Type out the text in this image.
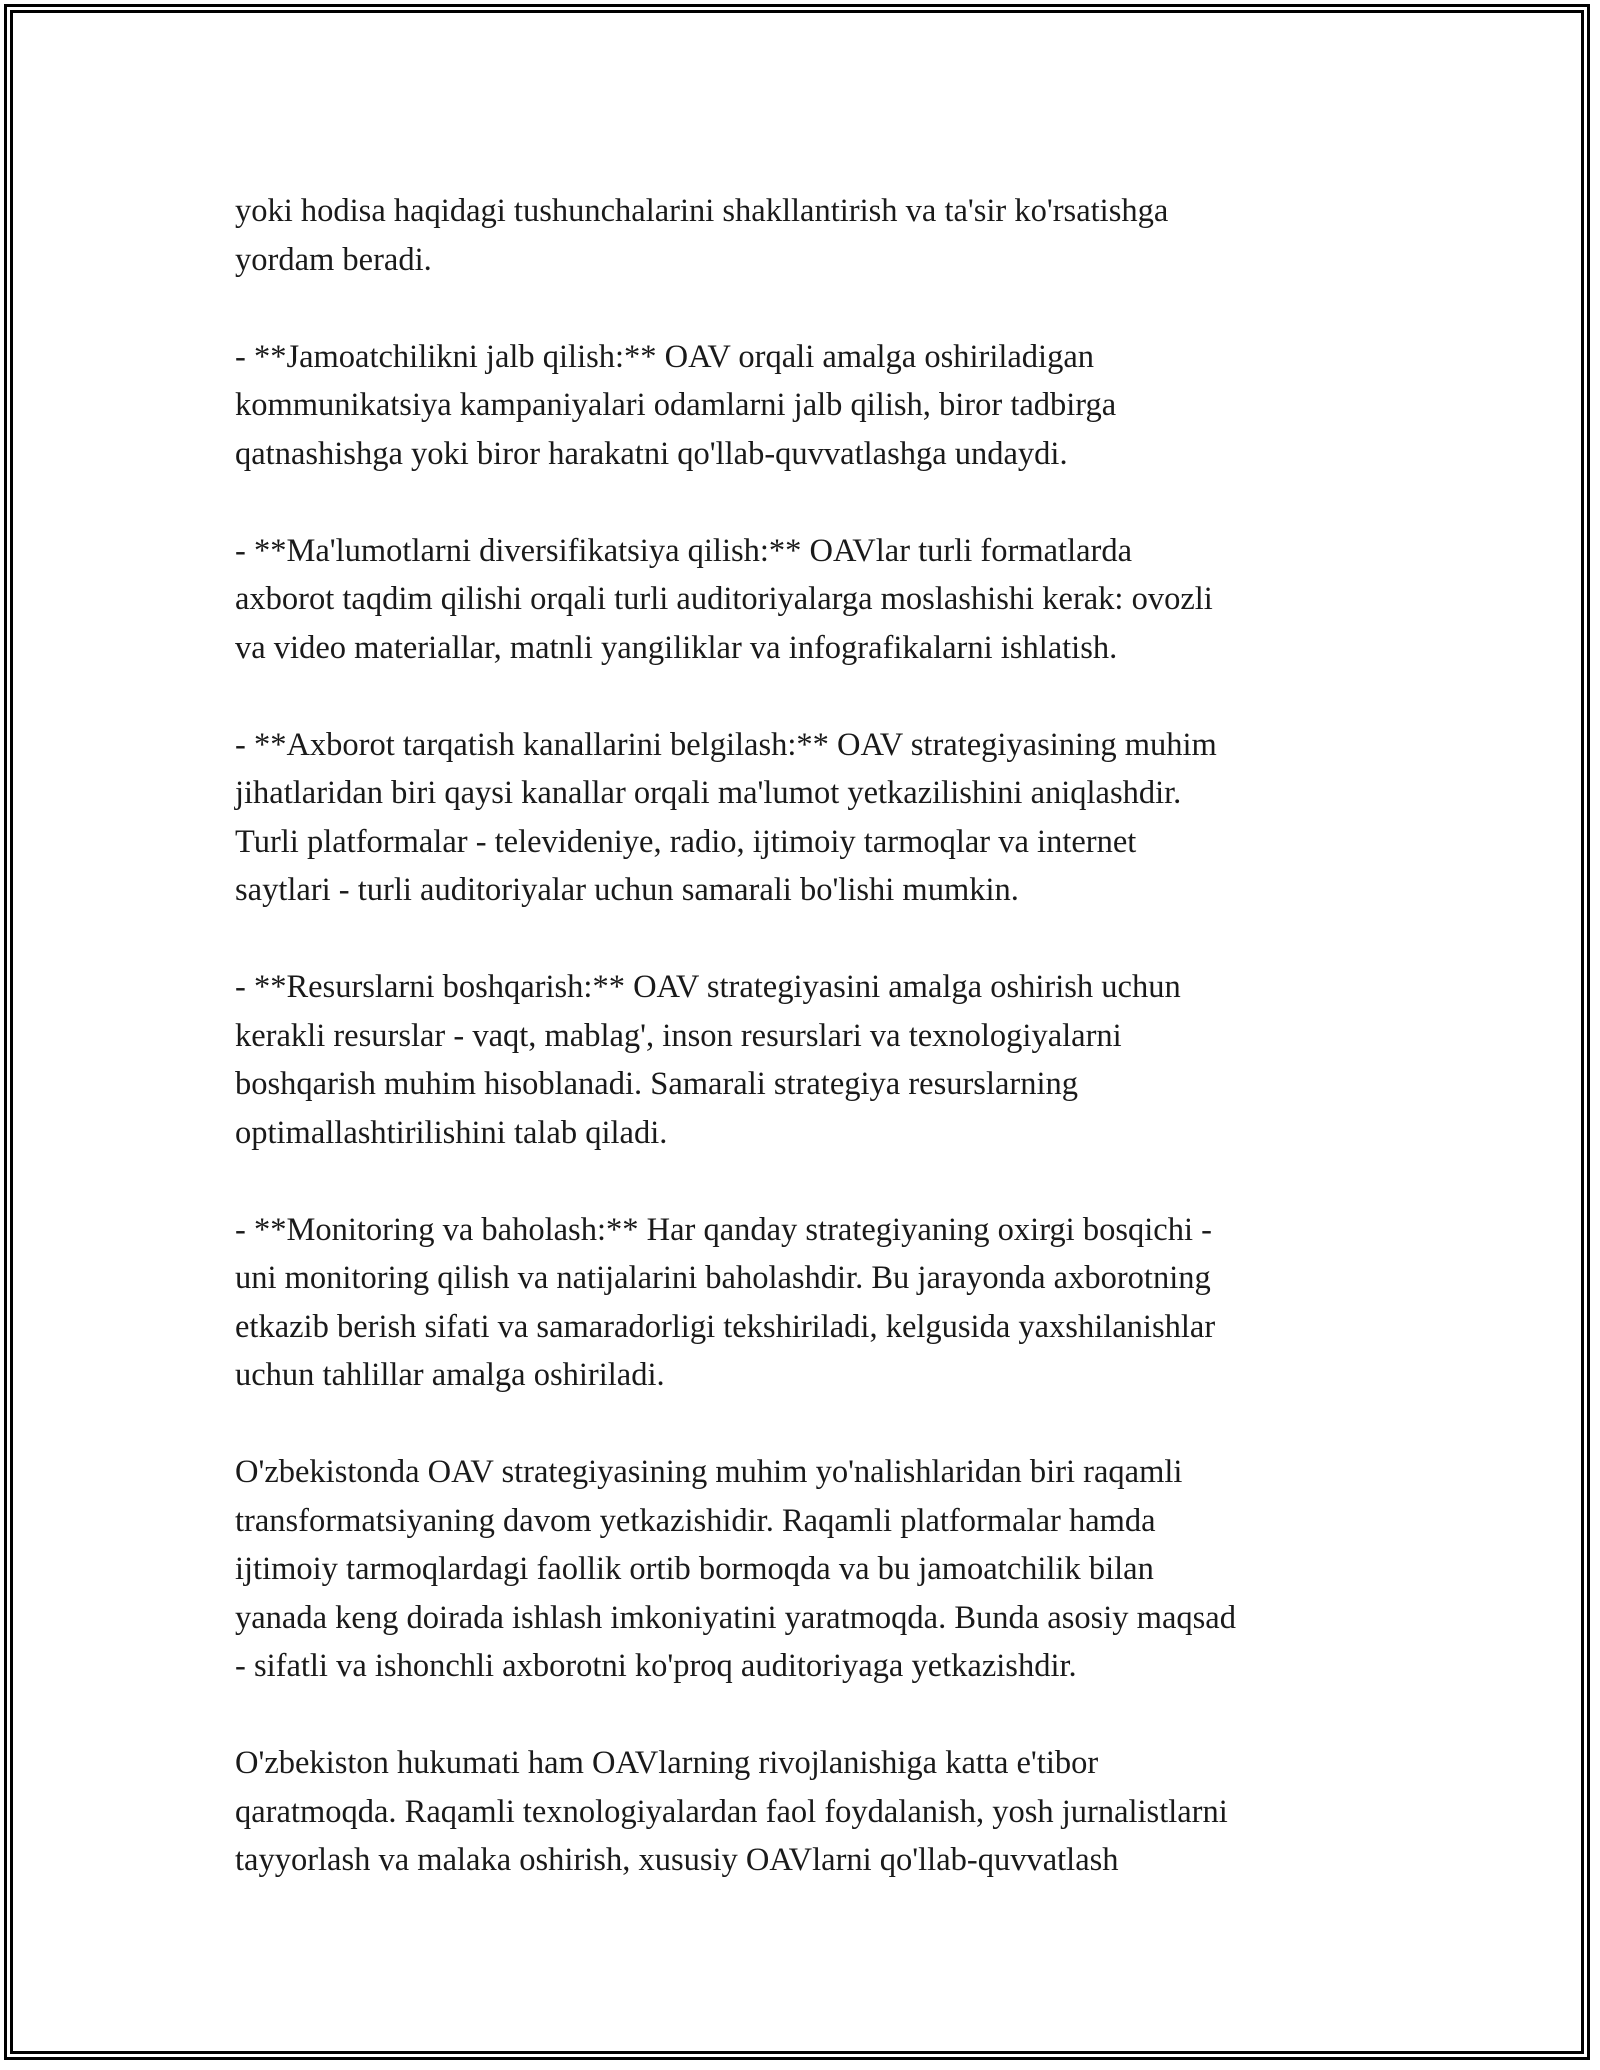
yoki hodisa haqidagi tushunchalarini shakllantirish va ta'sir ko'rsatishga
yordam beradi.
- **Jamoatchilikni jalb qilish:** OAV orqali amalga oshiriladigan
kommunikatsiya kampaniyalari odamlarni jalb qilish, biror tadbirga
qatnashishga yoki biror harakatni qo'llab-quvvatlashga undaydi.
- **Ma'lumotlarni diversifikatsiya qilish:** OAVlar turli formatlarda
axborot taqdim qilishi orqali turli auditoriyalarga moslashishi kerak: ovozli
va video materiallar, matnli yangiliklar va infografikalarni ishlatish.
- **Axborot tarqatish kanallarini belgilash:** OAV strategiyasining muhim
jihatlaridan biri qaysi kanallar orqali ma'lumot yetkazilishini aniqlashdir.
Turli platformalar - televideniye, radio, ijtimoiy tarmoqlar va internet
saytlari - turli auditoriyalar uchun samarali bo'lishi mumkin.
- **Resurslarni boshqarish:** OAV strategiyasini amalga oshirish uchun
kerakli resurslar - vaqt, mablag', inson resurslari va texnologiyalarni
boshqarish muhim hisoblanadi. Samarali strategiya resurslarning
optimallashtirilishini talab qiladi.
- **Monitoring va baholash:** Har qanday strategiyaning oxirgi bosqichi -
uni monitoring qilish va natijalarini baholashdir. Bu jarayonda axborotning
etkazib berish sifati va samaradorligi tekshiriladi, kelgusida yaxshilanishlar
uchun tahlillar amalga oshiriladi.
O'zbekistonda OAV strategiyasining muhim yo'nalishlaridan biri raqamli
transformatsiyaning davom yetkazishidir. Raqamli platformalar hamda
ijtimoiy tarmoqlardagi faollik ortib bormoqda va bu jamoatchilik bilan
yanada keng doirada ishlash imkoniyatini yaratmoqda. Bunda asosiy maqsad
- sifatli va ishonchli axborotni ko'proq auditoriyaga yetkazishdir.
O'zbekiston hukumati ham OAVlarning rivojlanishiga katta e'tibor
qaratmoqda. Raqamli texnologiyalardan faol foydalanish, yosh jurnalistlarni
tayyorlash va malaka oshirish, xususiy OAVlarni qo'llab-quvvatlash
